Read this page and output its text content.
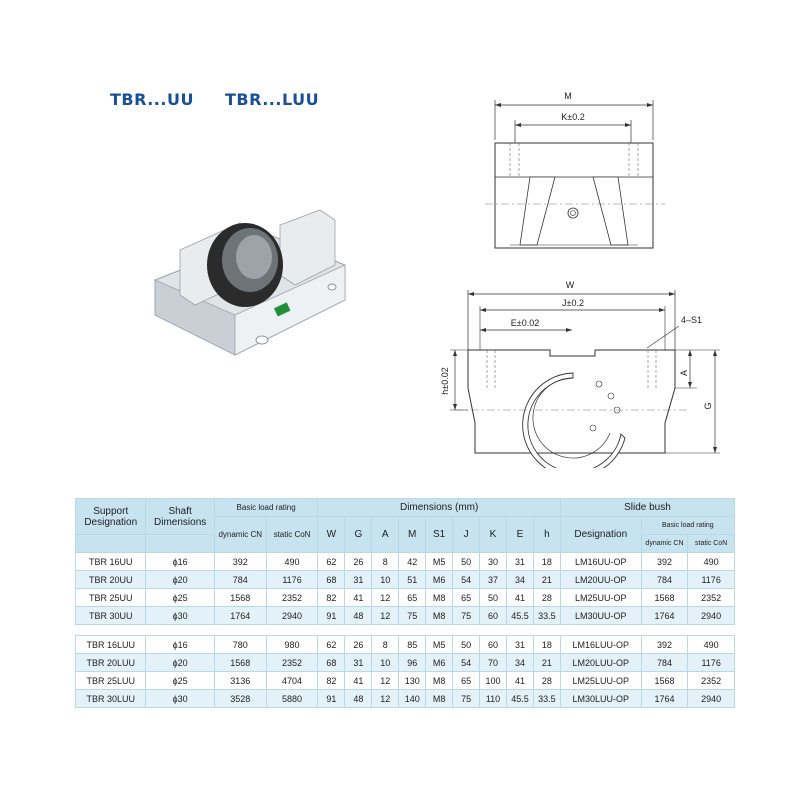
TBR...UU TBR...LUU	M
K±0.2
W
J±0.2
E±0.02	4–S1
h±0.02	A
G
Support Designation	Shaft Dimensions	Basic load rating		Dimensions (mm)									Slide bush		
		dynamic CN	static CoN	W	G	A	M	S1	J	K	E	h	Designation	Basic load rating	
														dynamic CN	static CoN
TBR 16UU	ϕ16	392	490	62	26	8	42	M5	50	30	31	18	LM16UU-OP	392	490
TBR 20UU	ϕ20	784	1176	68	31	10	51	M6	54	37	34	21	LM20UU-OP	784	1176
TBR 25UU	ϕ25	1568	2352	82	41	12	65	M8	65	50	41	28	LM25UU-OP	1568	2352
TBR 30UU	ϕ30	1764	2940	91	48	12	75	M8	75	60	45.5	33.5	LM30UU-OP	1764	2940

TBR 16LUU	ϕ16	780	980	62	26	8	85	M5	50	60	31	18	LM16LUU-OP	392	490
TBR 20LUU	ϕ20	1568	2352	68	31	10	96	M6	54	70	34	21	LM20LUU-OP	784	1176
TBR 25LUU	ϕ25	3136	4704	82	41	12	130	M8	65	100	41	28	LM25LUU-OP	1568	2352
TBR 30LUU	ϕ30	3528	5880	91	48	12	140	M8	75	110	45.5	33.5	LM30LUU-OP	1764	2940
